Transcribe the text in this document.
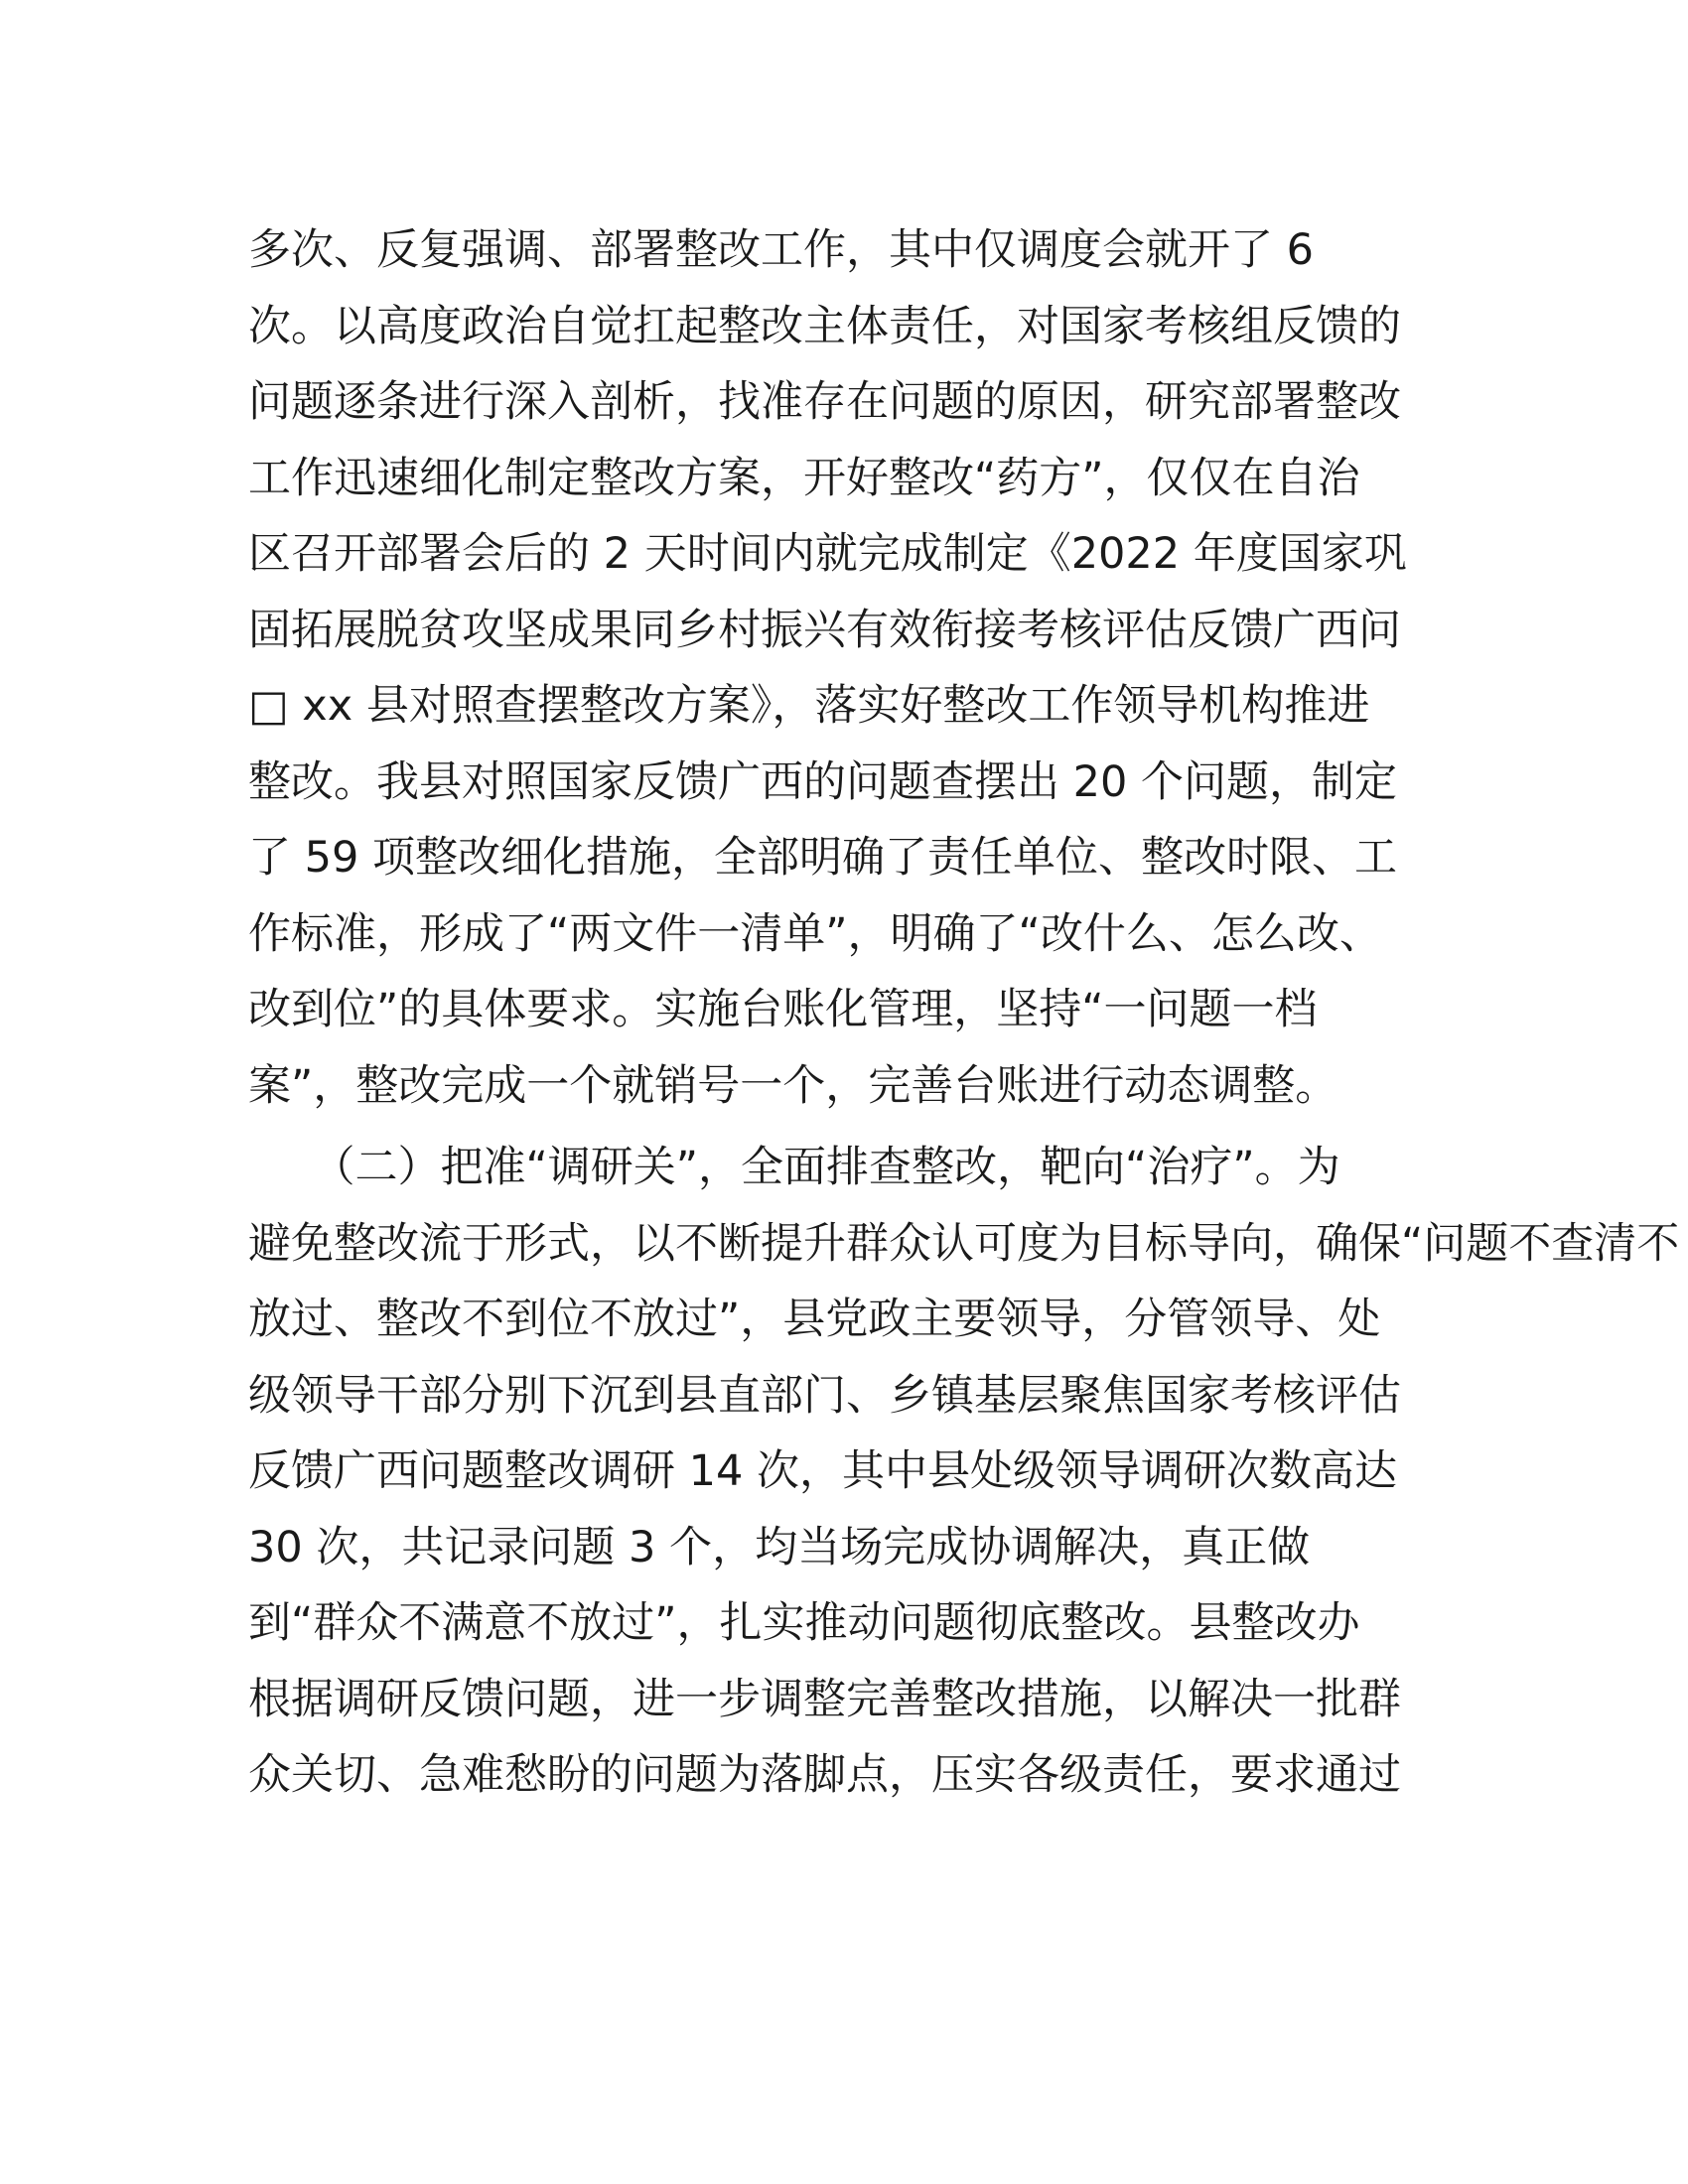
多次、反复强调、部署整改工作，其中仅调度会就开了 6
次。以高度政治自觉扛起整改主体责任，对国家考核组反馈的
问题逐条进行深入剖析，找准存在问题的原因，研究部署整改
工作迅速细化制定整改方案，开好整改“药方”，仅仅在自治
区召开部署会后的 2 天时间内就完成制定《2022 年度国家巩
固拓展脱贫攻坚成果同乡村振兴有效衔接考核评估反馈广西问
□ xx 县对照查摆整改方案》，落实好整改工作领导机构推进
整改。我县对照国家反馈广西的问题查摆出 20 个问题，制定
了 59 项整改细化措施，全部明确了责任单位、整改时限、工
作标准，形成了“两文件一清单”，明确了“改什么、怎么改、
改到位”的具体要求。实施台账化管理，坚持“一问题一档
案”，整改完成一个就销号一个，完善台账进行动态调整。
　　（二）把准“调研关”，全面排查整改，靶向“治疗”。为
避免整改流于形式，以不断提升群众认可度为目标导向，确保“问题不查清不
放过、整改不到位不放过”，县党政主要领导，分管领导、处
级领导干部分别下沉到县直部门、乡镇基层聚焦国家考核评估
反馈广西问题整改调研 14 次，其中县处级领导调研次数高达
30 次，共记录问题 3 个，均当场完成协调解决，真正做
到“群众不满意不放过”，扎实推动问题彻底整改。县整改办
根据调研反馈问题，进一步调整完善整改措施，以解决一批群
众关切、急难愁盼的问题为落脚点，压实各级责任，要求通过
